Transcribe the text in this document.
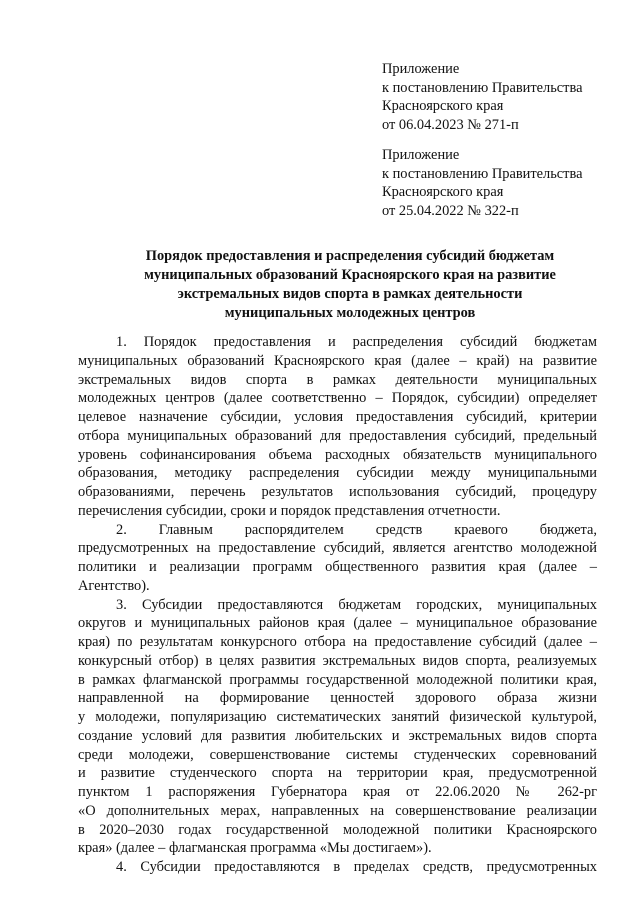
Приложение
к постановлению Правительства
Красноярского края
от 06.04.2023 № 271-п
Приложение
к постановлению Правительства
Красноярского края
от 25.04.2022 № 322-п
Порядок предоставления и распределения субсидий бюджетам
муниципальных образований Красноярского края на развитие
экстремальных видов спорта в рамках деятельности
муниципальных молодежных центров

1. Порядок предоставления и распределения субсидий бюджетам
муниципальных образований Красноярского края (далее – край) на развитие
экстремальных видов спорта в рамках деятельности муниципальных
молодежных центров (далее соответственно – Порядок, субсидии) определяет
целевое назначение субсидии, условия предоставления субсидий, критерии
отбора муниципальных образований для предоставления субсидий, предельный
уровень софинансирования объема расходных обязательств муниципального
образования, методику распределения субсидии между муниципальными
образованиями, перечень результатов использования субсидий, процедуру
перечисления субсидии, сроки и порядок представления отчетности.

2. Главным распорядителем средств краевого бюджета,
предусмотренных на предоставление субсидий, является агентство молодежной
политики и реализации программ общественного развития края (далее –
Агентство).

3. Субсидии предоставляются бюджетам городских, муниципальных
округов и муниципальных районов края (далее – муниципальное образование
края) по результатам конкурсного отбора на предоставление субсидий (далее –
конкурсный отбор) в целях развития экстремальных видов спорта, реализуемых
в рамках флагманской программы государственной молодежной политики края,
направленной на формирование ценностей здорового образа жизни
у молодежи, популяризацию систематических занятий физической культурой,
создание условий для развития любительских и экстремальных видов спорта
среди молодежи, совершенствование системы студенческих соревнований
и развитие студенческого спорта на территории края, предусмотренной
пунктом 1 распоряжения Губернатора края от 22.06.2020 № 262-рг
«О дополнительных мерах, направленных на совершенствование реализации
в 2020–2030 годах государственной молодежной политики Красноярского
края» (далее – флагманская программа «Мы достигаем»).

4. Субсидии предоставляются в пределах средств, предусмотренных
